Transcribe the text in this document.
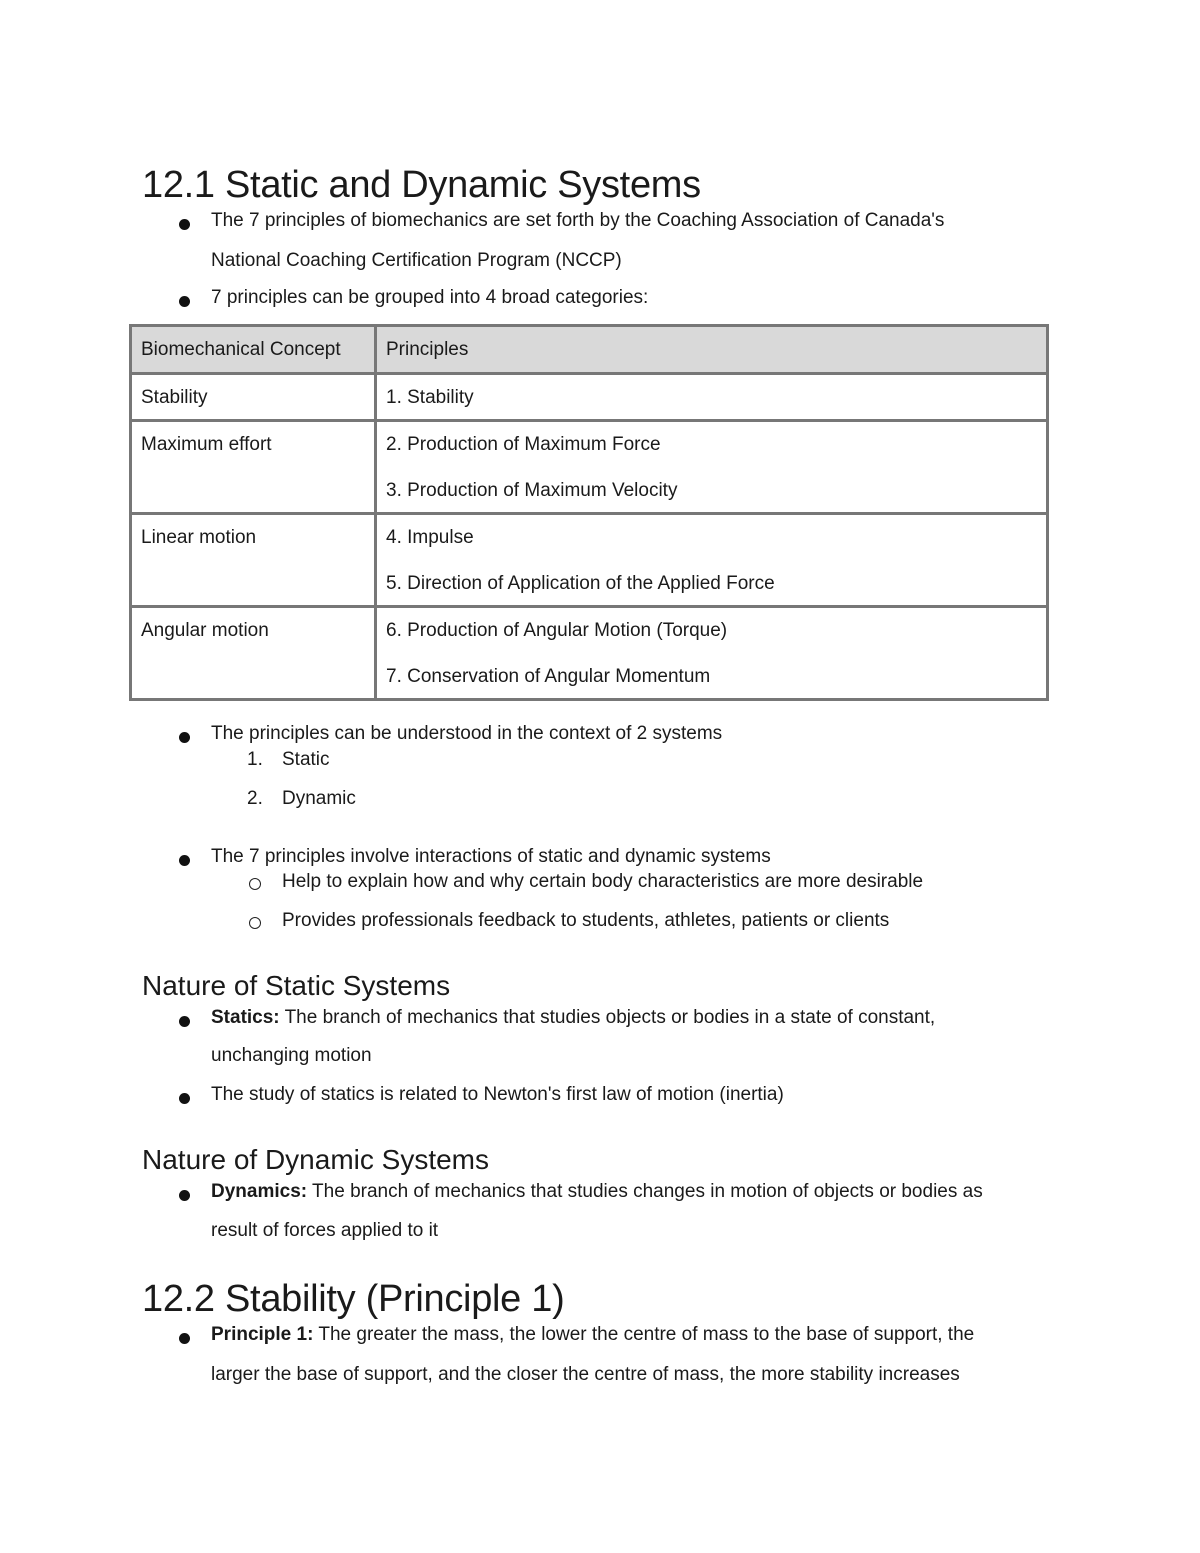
12.1 Static and Dynamic Systems
The 7 principles of biomechanics are set forth by the Coaching Association of Canada's
National Coaching Certification Program (NCCP)
7 principles can be grouped into 4 broad categories:
Biomechanical Concept	Principles
Stability	1. Stability

Maximum effort	2. Production of Maximum Force
3. Production of Maximum Velocity

Linear motion	4. Impulse
5. Direction of Application of the Applied Force

Angular motion	6. Production of Angular Motion (Torque)
7. Conservation of Angular Momentum
The principles can be understood in the context of 2 systems
1. Static
2. Dynamic
The 7 principles involve interactions of static and dynamic systems
Help to explain how and why certain body characteristics are more desirable
Provides professionals feedback to students, athletes, patients or clients
Nature of Static Systems
Statics: The branch of mechanics that studies objects or bodies in a state of constant,
unchanging motion
The study of statics is related to Newton's first law of motion (inertia)
Nature of Dynamic Systems
Dynamics: The branch of mechanics that studies changes in motion of objects or bodies as
result of forces applied to it
12.2 Stability (Principle 1)
Principle 1: The greater the mass, the lower the centre of mass to the base of support, the
larger the base of support, and the closer the centre of mass, the more stability increases
